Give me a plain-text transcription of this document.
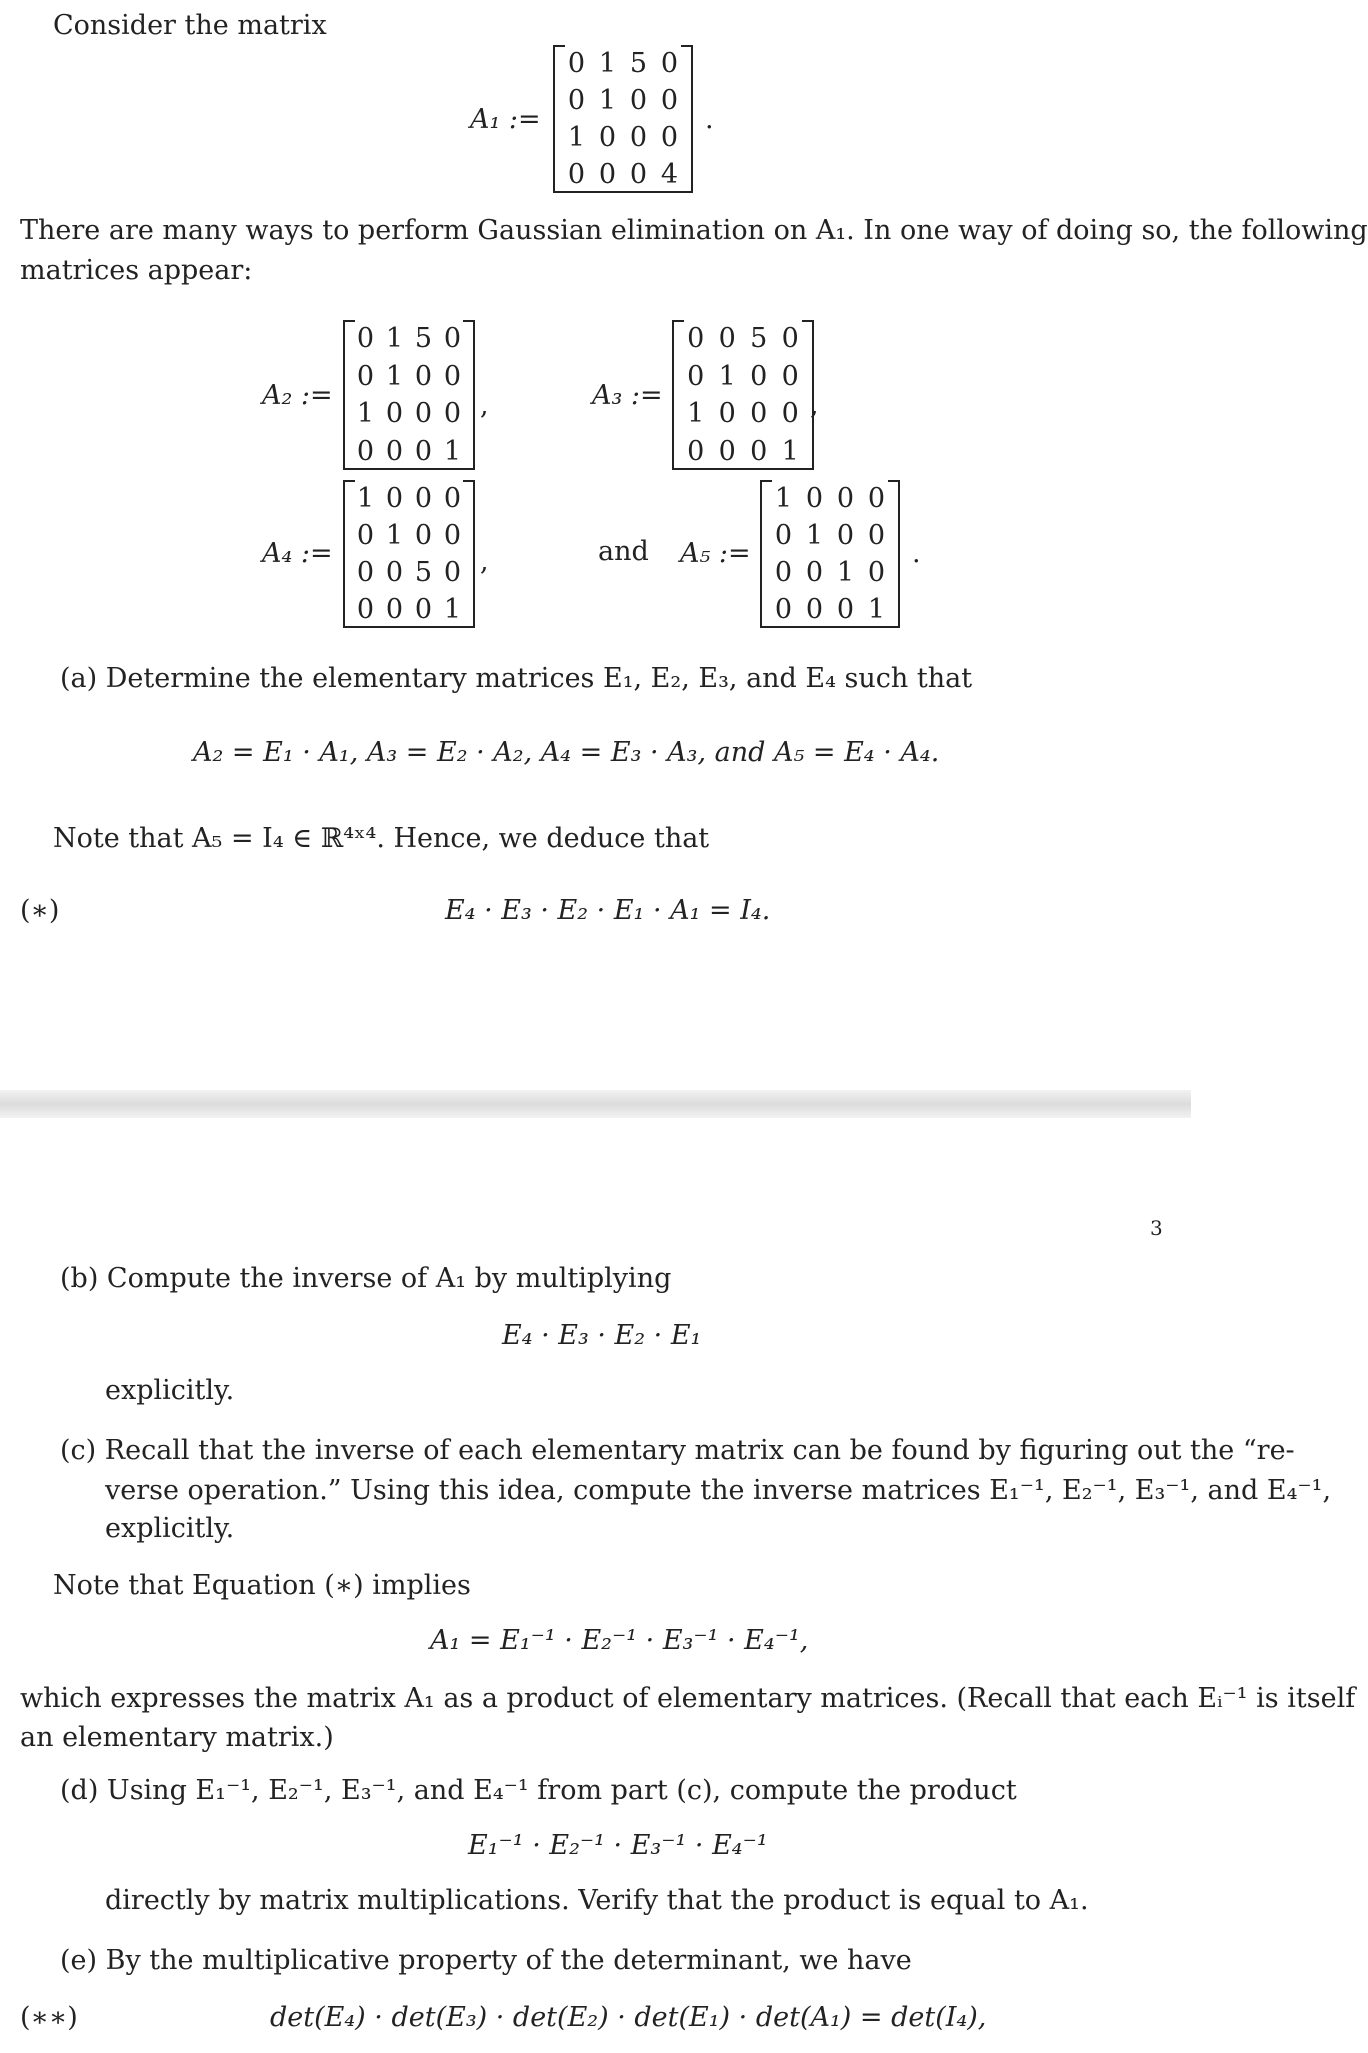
Consider the matrix
A₁ :=
0 1 5 0
0 1 0 0
1 0 0 0
0 0 0 4
.
There are many ways to perform Gaussian elimination on A₁. In one way of doing so, the following
matrices appear:
A₂ :=
0 1 5 0
0 1 0 0
1 0 0 0
0 0 0 1
,	A₃ :=
0 0 5 0
0 1 0 0
1 0 0 0
0 0 0 1
,
A₄ :=
1 0 0 0
0 1 0 0
0 0 5 0
0 0 0 1
,	and A₅ :=
1 0 0 0
0 1 0 0
0 0 1 0
0 0 0 1
.
(a) Determine the elementary matrices E₁, E₂, E₃, and E₄ such that
A₂ = E₁ · A₁, A₃ = E₂ · A₂, A₄ = E₃ · A₃, and A₅ = E₄ · A₄.
Note that A₅ = I₄ ∈ ℝ⁴ˣ⁴. Hence, we deduce that
(∗)	E₄ · E₃ · E₂ · E₁ · A₁ = I₄.
3
(b) Compute the inverse of A₁ by multiplying
E₄ · E₃ · E₂ · E₁
explicitly.
(c) Recall that the inverse of each elementary matrix can be found by figuring out the “re-
verse operation.” Using this idea, compute the inverse matrices E₁⁻¹, E₂⁻¹, E₃⁻¹, and E₄⁻¹,
explicitly.
Note that Equation (∗) implies
A₁ = E₁⁻¹ · E₂⁻¹ · E₃⁻¹ · E₄⁻¹,
which expresses the matrix A₁ as a product of elementary matrices. (Recall that each Eᵢ⁻¹ is itself
an elementary matrix.)
(d) Using E₁⁻¹, E₂⁻¹, E₃⁻¹, and E₄⁻¹ from part (c), compute the product
E₁⁻¹ · E₂⁻¹ · E₃⁻¹ · E₄⁻¹
directly by matrix multiplications. Verify that the product is equal to A₁.
(e) By the multiplicative property of the determinant, we have
(∗∗)	det(E₄) · det(E₃) · det(E₂) · det(E₁) · det(A₁) = det(I₄),
